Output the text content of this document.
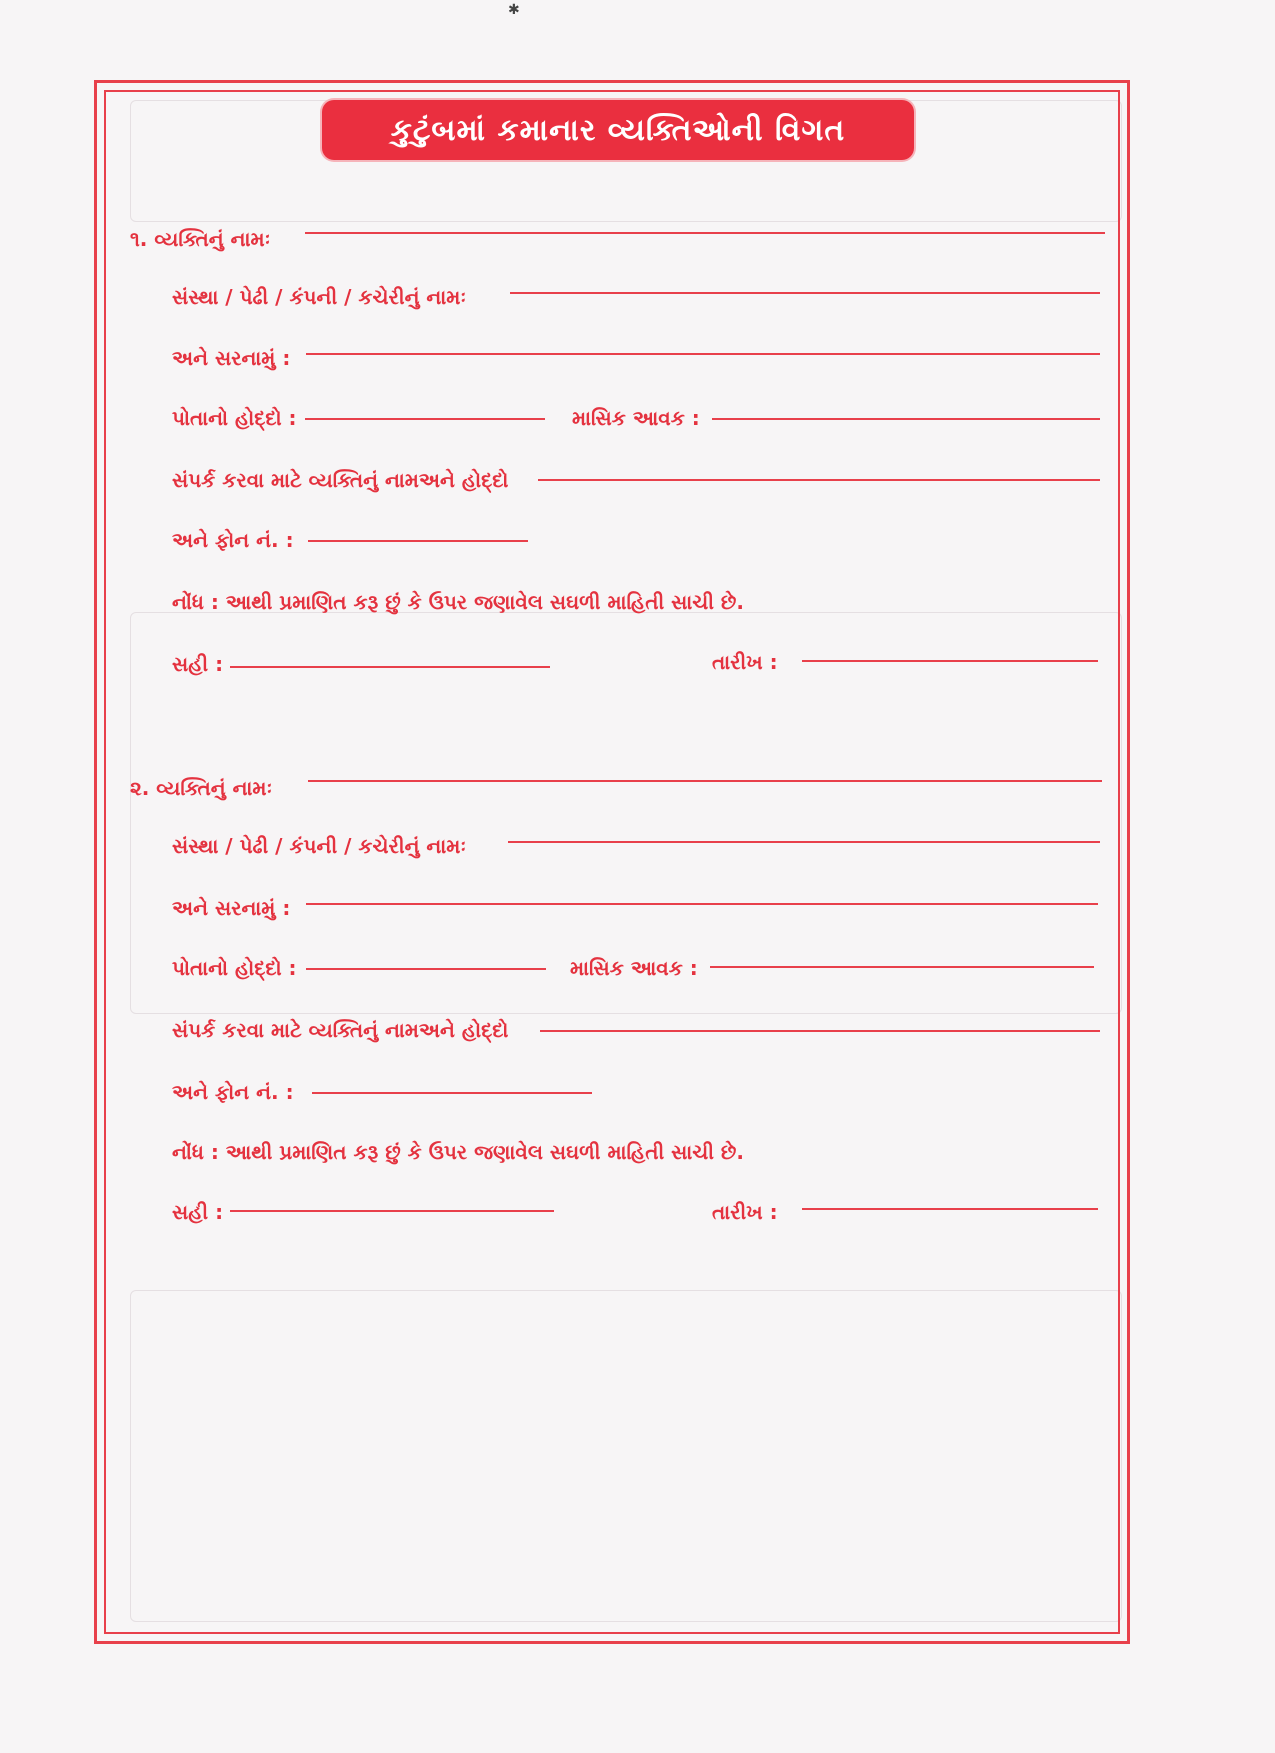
✱
કુટુંબમાં કમાનાર વ્યક્તિઓની વિગત
૧. વ્યક્તિનું નામઃ
સંસ્થા / પેઢી / કંપની / કચેરીનું નામઃ
અને સરનામું :
પોતાનો હોદ્દો :	માસિક આવક :
સંપર્ક કરવા માટે વ્યક્તિનું નામઅને હોદ્દો
અને ફોન નં. :
નોંધ : આથી પ્રમાણિત કરૂ છું કે ઉપર જણાવેલ સઘળી માહિતી સાચી છે.
સહી :	તારીખ :
૨. વ્યક્તિનું નામઃ
સંસ્થા / પેઢી / કંપની / કચેરીનું નામઃ
અને સરનામું :
પોતાનો હોદ્દો :	માસિક આવક :
સંપર્ક કરવા માટે વ્યક્તિનું નામઅને હોદ્દો
અને ફોન નં. :
નોંધ : આથી પ્રમાણિત કરૂ છું કે ઉપર જણાવેલ સઘળી માહિતી સાચી છે.
સહી :	તારીખ :
